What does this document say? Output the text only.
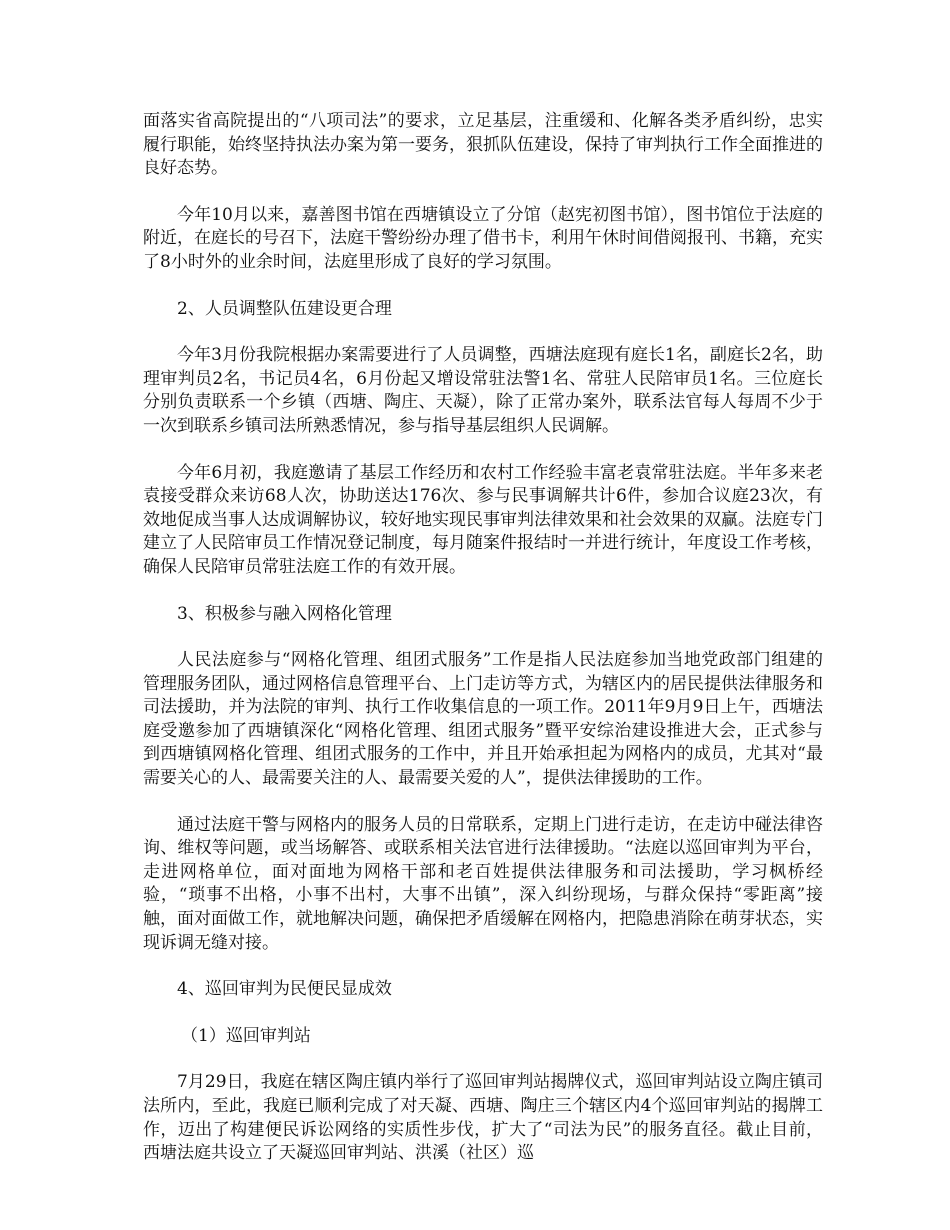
面落实省高院提出的“八项司法”的要求，立足基层，注重缓和、化解各类矛盾纠纷，忠实履行职能，始终坚持执法办案为第一要务，狠抓队伍建设，保持了审判执行工作全面推进的良好态势。

今年10月以来，嘉善图书馆在西塘镇设立了分馆（赵宪初图书馆），图书馆位于法庭的附近，在庭长的号召下，法庭干警纷纷办理了借书卡，利用午休时间借阅报刊、书籍，充实了8小时外的业余时间，法庭里形成了良好的学习氛围。

2、人员调整队伍建设更合理

今年3月份我院根据办案需要进行了人员调整，西塘法庭现有庭长1名，副庭长2名，助理审判员2名，书记员4名，6月份起又增设常驻法警1名、常驻人民陪审员1名。三位庭长分别负责联系一个乡镇（西塘、陶庄、天凝），除了正常办案外，联系法官每人每周不少于一次到联系乡镇司法所熟悉情况，参与指导基层组织人民调解。

今年6月初，我庭邀请了基层工作经历和农村工作经验丰富老袁常驻法庭。半年多来老袁接受群众来访68人次，协助送达176次、参与民事调解共计6件，参加合议庭23次，有效地促成当事人达成调解协议，较好地实现民事审判法律效果和社会效果的双赢。法庭专门建立了人民陪审员工作情况登记制度，每月随案件报结时一并进行统计，年度设工作考核，确保人民陪审员常驻法庭工作的有效开展。

3、积极参与融入网格化管理

人民法庭参与“网格化管理、组团式服务”工作是指人民法庭参加当地党政部门组建的管理服务团队，通过网格信息管理平台、上门走访等方式，为辖区内的居民提供法律服务和司法援助，并为法院的审判、执行工作收集信息的一项工作。2011年9月9日上午，西塘法庭受邀参加了西塘镇深化“网格化管理、组团式服务”暨平安综治建设推进大会，正式参与到西塘镇网格化管理、组团式服务的工作中，并且开始承担起为网格内的成员，尤其对“最需要关心的人、最需要关注的人、最需要关爱的人”，提供法律援助的工作。

通过法庭干警与网格内的服务人员的日常联系，定期上门进行走访，在走访中碰法律咨询、维权等问题，或当场解答、或联系相关法官进行法律援助。“法庭以巡回审判为平台，走进网格单位，面对面地为网格干部和老百姓提供法律服务和司法援助，学习枫桥经验，“琐事不出格，小事不出村，大事不出镇”，深入纠纷现场，与群众保持“零距离”接触，面对面做工作，就地解决问题，确保把矛盾缓解在网格内，把隐患消除在萌芽状态，实现诉调无缝对接。

4、巡回审判为民便民显成效

（1）巡回审判站

7月29日，我庭在辖区陶庄镇内举行了巡回审判站揭牌仪式，巡回审判站设立陶庄镇司法所内，至此，我庭已顺利完成了对天凝、西塘、陶庄三个辖区内4个巡回审判站的揭牌工作，迈出了构建便民诉讼网络的实质性步伐，扩大了“司法为民”的服务直径。截止目前，西塘法庭共设立了天凝巡回审判站、洪溪（社区）巡
